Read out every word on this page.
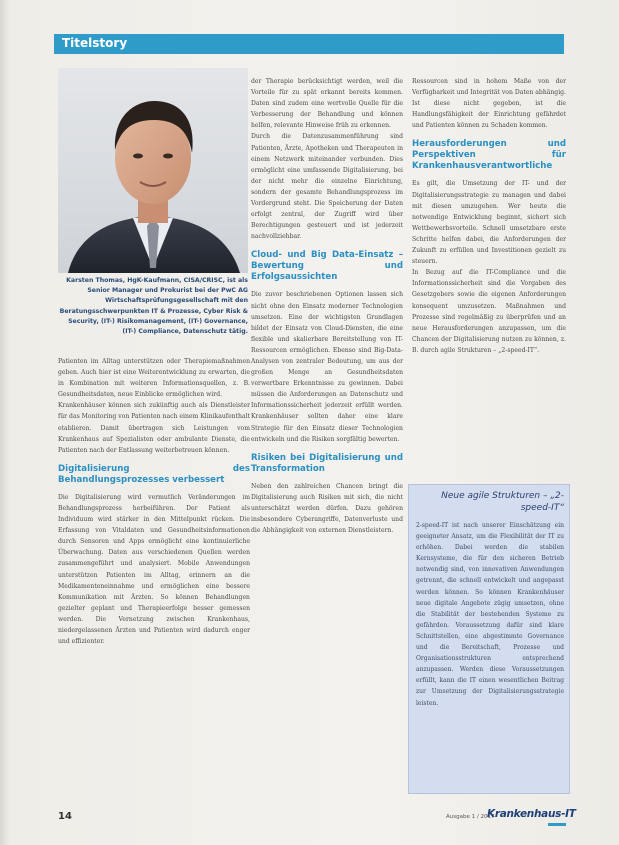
Titelstory
Karsten Thomas, HgK-Kaufmann, CISA/CRISC, ist als Senior Manager und Prokurist bei der PwC AG Wirtschaftsprüfungsgesellschaft mit den Beratungsschwerpunkten IT & Prozesse, Cyber Risk & Security, (IT-) Risikomanagement, (IT-) Governance, (IT-) Compliance, Datenschutz tätig.

Patienten im Alltag unterstützen oder Therapiemaßnahmen geben. Auch hier ist eine Weiterentwicklung zu erwarten, die in Kombination mit weiteren Informationsquellen, z. B. Gesundheitsdaten, neue Einblicke ermöglichen wird.

Krankenhäuser können sich zukünftig auch als Dienstleister für das Monitoring von Patienten nach einem Klinikaufenthalt etablieren. Damit übertragen sich Leistungen vom Krankenhaus auf Spezialisten oder ambulante Dienste, die Patienten nach der Entlassung weiterbetreuen können.

Digitalisierung des Behandlungsprozesses verbessert

Die Digitalisierung wird vermutlich Veränderungen im Behandlungsprozess herbeiführen. Der Patient als Individuum wird stärker in den Mittelpunkt rücken. Die Erfassung von Vitaldaten und Gesundheitsinformationen durch Sensoren und Apps ermöglicht eine kontinuierliche Überwachung. Daten aus verschiedenen Quellen werden zusammengeführt und analysiert. Mobile Anwendungen unterstützen Patienten im Alltag, erinnern an die Medikamenteneinnahme und ermöglichen eine bessere Kommunikation mit Ärzten. So können Behandlungen gezielter geplant und Therapieerfolge besser gemessen werden. Die Vernetzung zwischen Krankenhaus, niedergelassenen Ärzten und Patienten wird dadurch enger und effizienter.

der Therapie berücksichtigt werden, weil die Vorteile für zu spät erkannt bereits kommen. Daten sind zudem eine wertvolle Quelle für die Verbesserung der Behandlung und können helfen, relevante Hinweise früh zu erkennen.

Durch die Datenzusammenführung sind Patienten, Ärzte, Apotheken und Therapeuten in einem Netzwerk miteinander verbunden. Dies ermöglicht eine umfassende Digitalisierung, bei der nicht mehr die einzelne Einrichtung, sondern der gesamte Behandlungsprozess im Vordergrund steht. Die Speicherung der Daten erfolgt zentral, der Zugriff wird über Berechtigungen gesteuert und ist jederzeit nachvollziehbar.

Cloud- und Big Data-Einsatz – Bewertung und Erfolgsaussichten

Die zuvor beschriebenen Optionen lassen sich nicht ohne den Einsatz moderner Technologien umsetzen. Eine der wichtigsten Grundlagen bildet der Einsatz von Cloud-Diensten, die eine flexible und skalierbare Bereitstellung von IT-Ressourcen ermöglichen. Ebenso sind Big-Data-Analysen von zentraler Bedeutung, um aus der großen Menge an Gesundheitsdaten verwertbare Erkenntnisse zu gewinnen. Dabei müssen die Anforderungen an Datenschutz und Informationssicherheit jederzeit erfüllt werden. Krankenhäuser sollten daher eine klare Strategie für den Einsatz dieser Technologien entwickeln und die Risiken sorgfältig bewerten.

Risiken bei Digitalisierung und Transformation

Neben den zahlreichen Chancen bringt die Digitalisierung auch Risiken mit sich, die nicht unterschätzt werden dürfen. Dazu gehören insbesondere Cyberangriffe, Datenverluste und die Abhängigkeit von externen Dienstleistern.

Ressourcen sind in hohem Maße von der Verfügbarkeit und Integrität von Daten abhängig. Ist diese nicht gegeben, ist die Handlungsfähigkeit der Einrichtung gefährdet und Patienten können zu Schaden kommen.

Herausforderungen und Perspektiven für Krankenhausverantwortliche

Es gilt, die Umsetzung der IT- und der Digitalisierungsstrategie zu managen und dabei mit diesen umzugehen. Wer heute die notwendige Entwicklung beginnt, sichert sich Wettbewerbsvorteile. Schnell umsetzbare erste Schritte helfen dabei, die Anforderungen der Zukunft zu erfüllen und Investitionen gezielt zu steuern.

In Bezug auf die IT-Compliance und die Informationssicherheit sind die Vorgaben des Gesetzgebers sowie die eigenen Anforderungen konsequent umzusetzen. Maßnahmen und Prozesse sind regelmäßig zu überprüfen und an neue Herausforderungen anzupassen, um die Chancen der Digitalisierung nutzen zu können, z. B. durch agile Strukturen – „2-speed-IT“.

Neue agile Strukturen – „2-speed-IT“
2-speed-IT ist nach unserer Einschätzung ein geeigneter Ansatz, um die Flexibilität der IT zu erhöhen. Dabei werden die stabilen Kernsysteme, die für den sicheren Betrieb notwendig sind, von innovativen Anwendungen getrennt, die schnell entwickelt und angepasst werden können. So können Krankenhäuser neue digitale Angebote zügig umsetzen, ohne die Stabilität der bestehenden Systeme zu gefährden. Voraussetzung dafür sind klare Schnittstellen, eine abgestimmte Governance und die Bereitschaft, Prozesse und Organisationsstrukturen entsprechend anzupassen. Werden diese Voraussetzungen erfüllt, kann die IT einen wesentlichen Beitrag zur Umsetzung der Digitalisierungsstrategie leisten.
14	Ausgabe 1 / 2017
Krankenhaus-IT
